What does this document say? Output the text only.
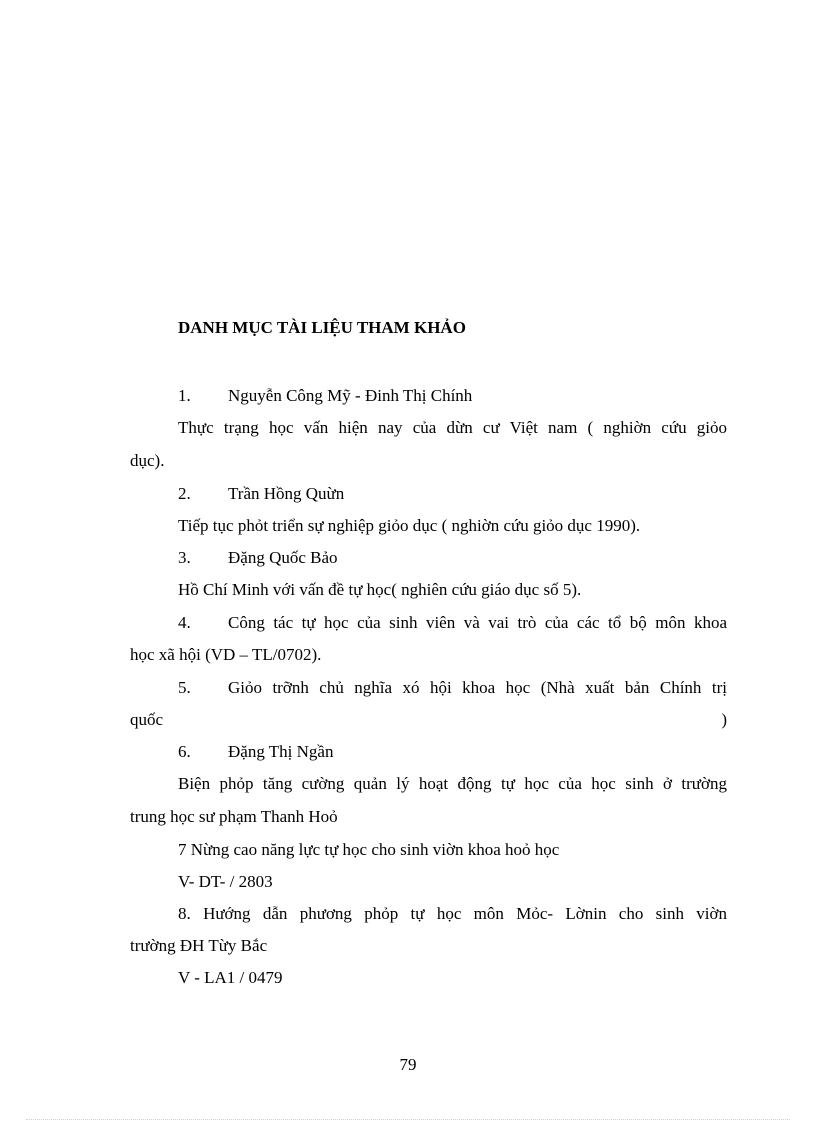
DANH MỤC TÀI LIỆU THAM KHẢO
1. Nguyễn Công Mỹ - Đinh Thị Chính
Thực trạng học vấn hiện nay của dừn cư Việt nam ( nghiờn cứu giỏo
dục).
2. Trần Hồng Quừn
Tiếp tục phỏt triển sự nghiệp giỏo dục ( nghiờn cứu giỏo dục 1990).
3. Đặng Quốc Bảo
Hồ Chí Minh với vấn đề tự học( nghiên cứu giáo dục số 5).
4.	Công tác tự học của sinh viên và vai trò của các tổ bộ môn khoa
học xã hội (VD – TL/0702).
5.	Giỏo trỡnh chủ nghĩa xó hội khoa học (Nhà xuất bản Chính trị
quốc	)
6. Đặng Thị Ngần
Biện phỏp tăng cường quản lý hoạt động tự học của học sinh ở trường
trung học sư phạm Thanh Hoỏ
7 Nừng cao năng lực tự học cho sinh viờn khoa hoỏ học
V- DT- / 2803
8. Hướng dẫn phương phỏp tự học môn Mỏc- Lờnin cho sinh viờn
trường ĐH Từy Bắc
V - LA1 / 0479
79
